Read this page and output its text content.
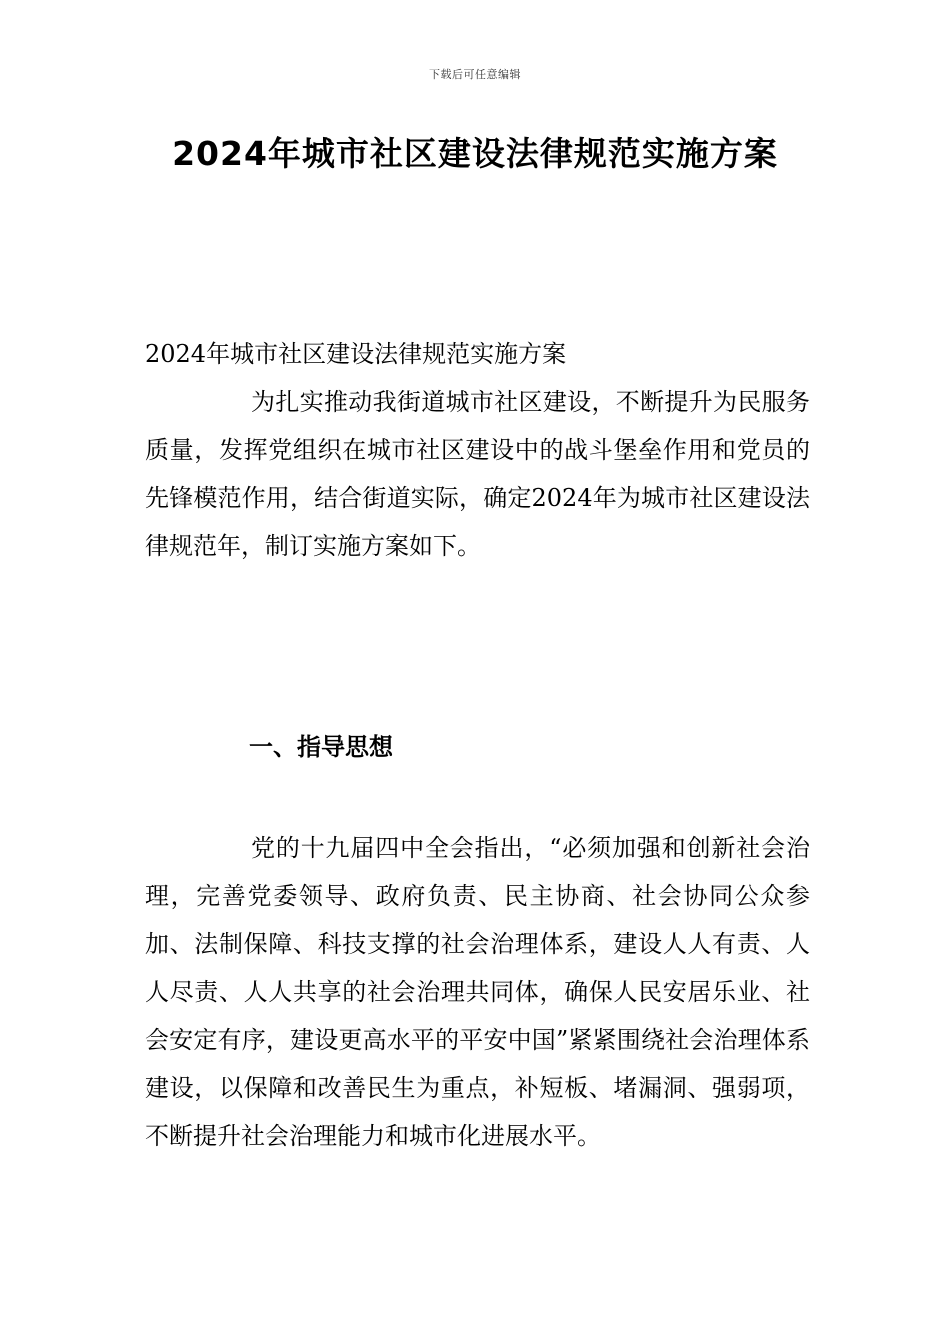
下载后可任意编辑
2024年城市社区建设法律规范实施方案

2024年城市社区建设法律规范实施方案

为扎实推动我街道城市社区建设，不断提升为民服务质量，发挥党组织在城市社区建设中的战斗堡垒作用和党员的先锋模范作用，结合街道实际，确定2024年为城市社区建设法律规范年，制订实施方案如下。

一、指导思想

党的十九届四中全会指出，“必须加强和创新社会治理，完善党委领导、政府负责、民主协商、社会协同公众参加、法制保障、科技支撑的社会治理体系，建设人人有责、人人尽责、人人共享的社会治理共同体，确保人民安居乐业、社会安定有序，建设更高水平的平安中国”紧紧围绕社会治理体系建设，以保障和改善民生为重点，补短板、堵漏洞、强弱项，不断提升社会治理能力和城市化进展水平。
